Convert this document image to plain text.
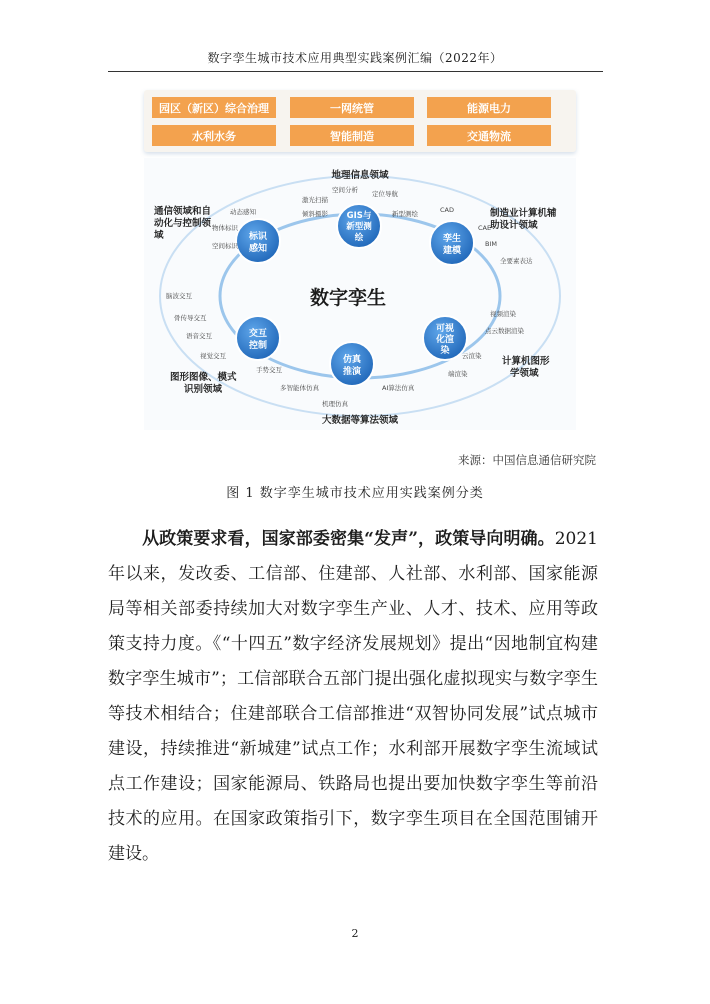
数字孪生城市技术应用典型实践案例汇编（2022年）
园区（新区）综合治理	一网统管	能源电力
水利水务	智能制造	交通物流
数字孪生
GIS与
新型测
绘	孪生
建模
可视
化渲
染
仿真
推演
交互
控制
标识
感知
地理信息领域
制造业计算机辅
助设计领域
计算机图形
学领域
大数据等算法领域
图形图像、模式
识别领域
通信领域和自
动化与控制领
域
空间分析 定位导航
激光扫描
倾斜摄影	新型测绘	CAD
CAE
BIM
全要素表达
动态感知
物体标识
空间标识
视频渲染
点云数据渲染
云渲染
端渲染
脑波交互
骨传导交互
语音交互
视觉交互
手势交互
多智能体仿真
机理仿真
AI算法仿真
来源：中国信息通信研究院
图 1 数字孪生城市技术应用实践案例分类

从政策要求看，国家部委密集“发声”，政策导向明确。2021年以来，发改委、工信部、住建部、人社部、水利部、国家能源局等相关部委持续加大对数字孪生产业、人才、技术、应用等政策支持力度。《“十四五”数字经济发展规划》提出“因地制宜构建数字孪生城市”；工信部联合五部门提出强化虚拟现实与数字孪生等技术相结合；住建部联合工信部推进“双智协同发展”试点城市建设，持续推进“新城建”试点工作；水利部开展数字孪生流域试点工作建设；国家能源局、铁路局也提出要加快数字孪生等前沿技术的应用。在国家政策指引下，数字孪生项目在全国范围铺开建设。

2
